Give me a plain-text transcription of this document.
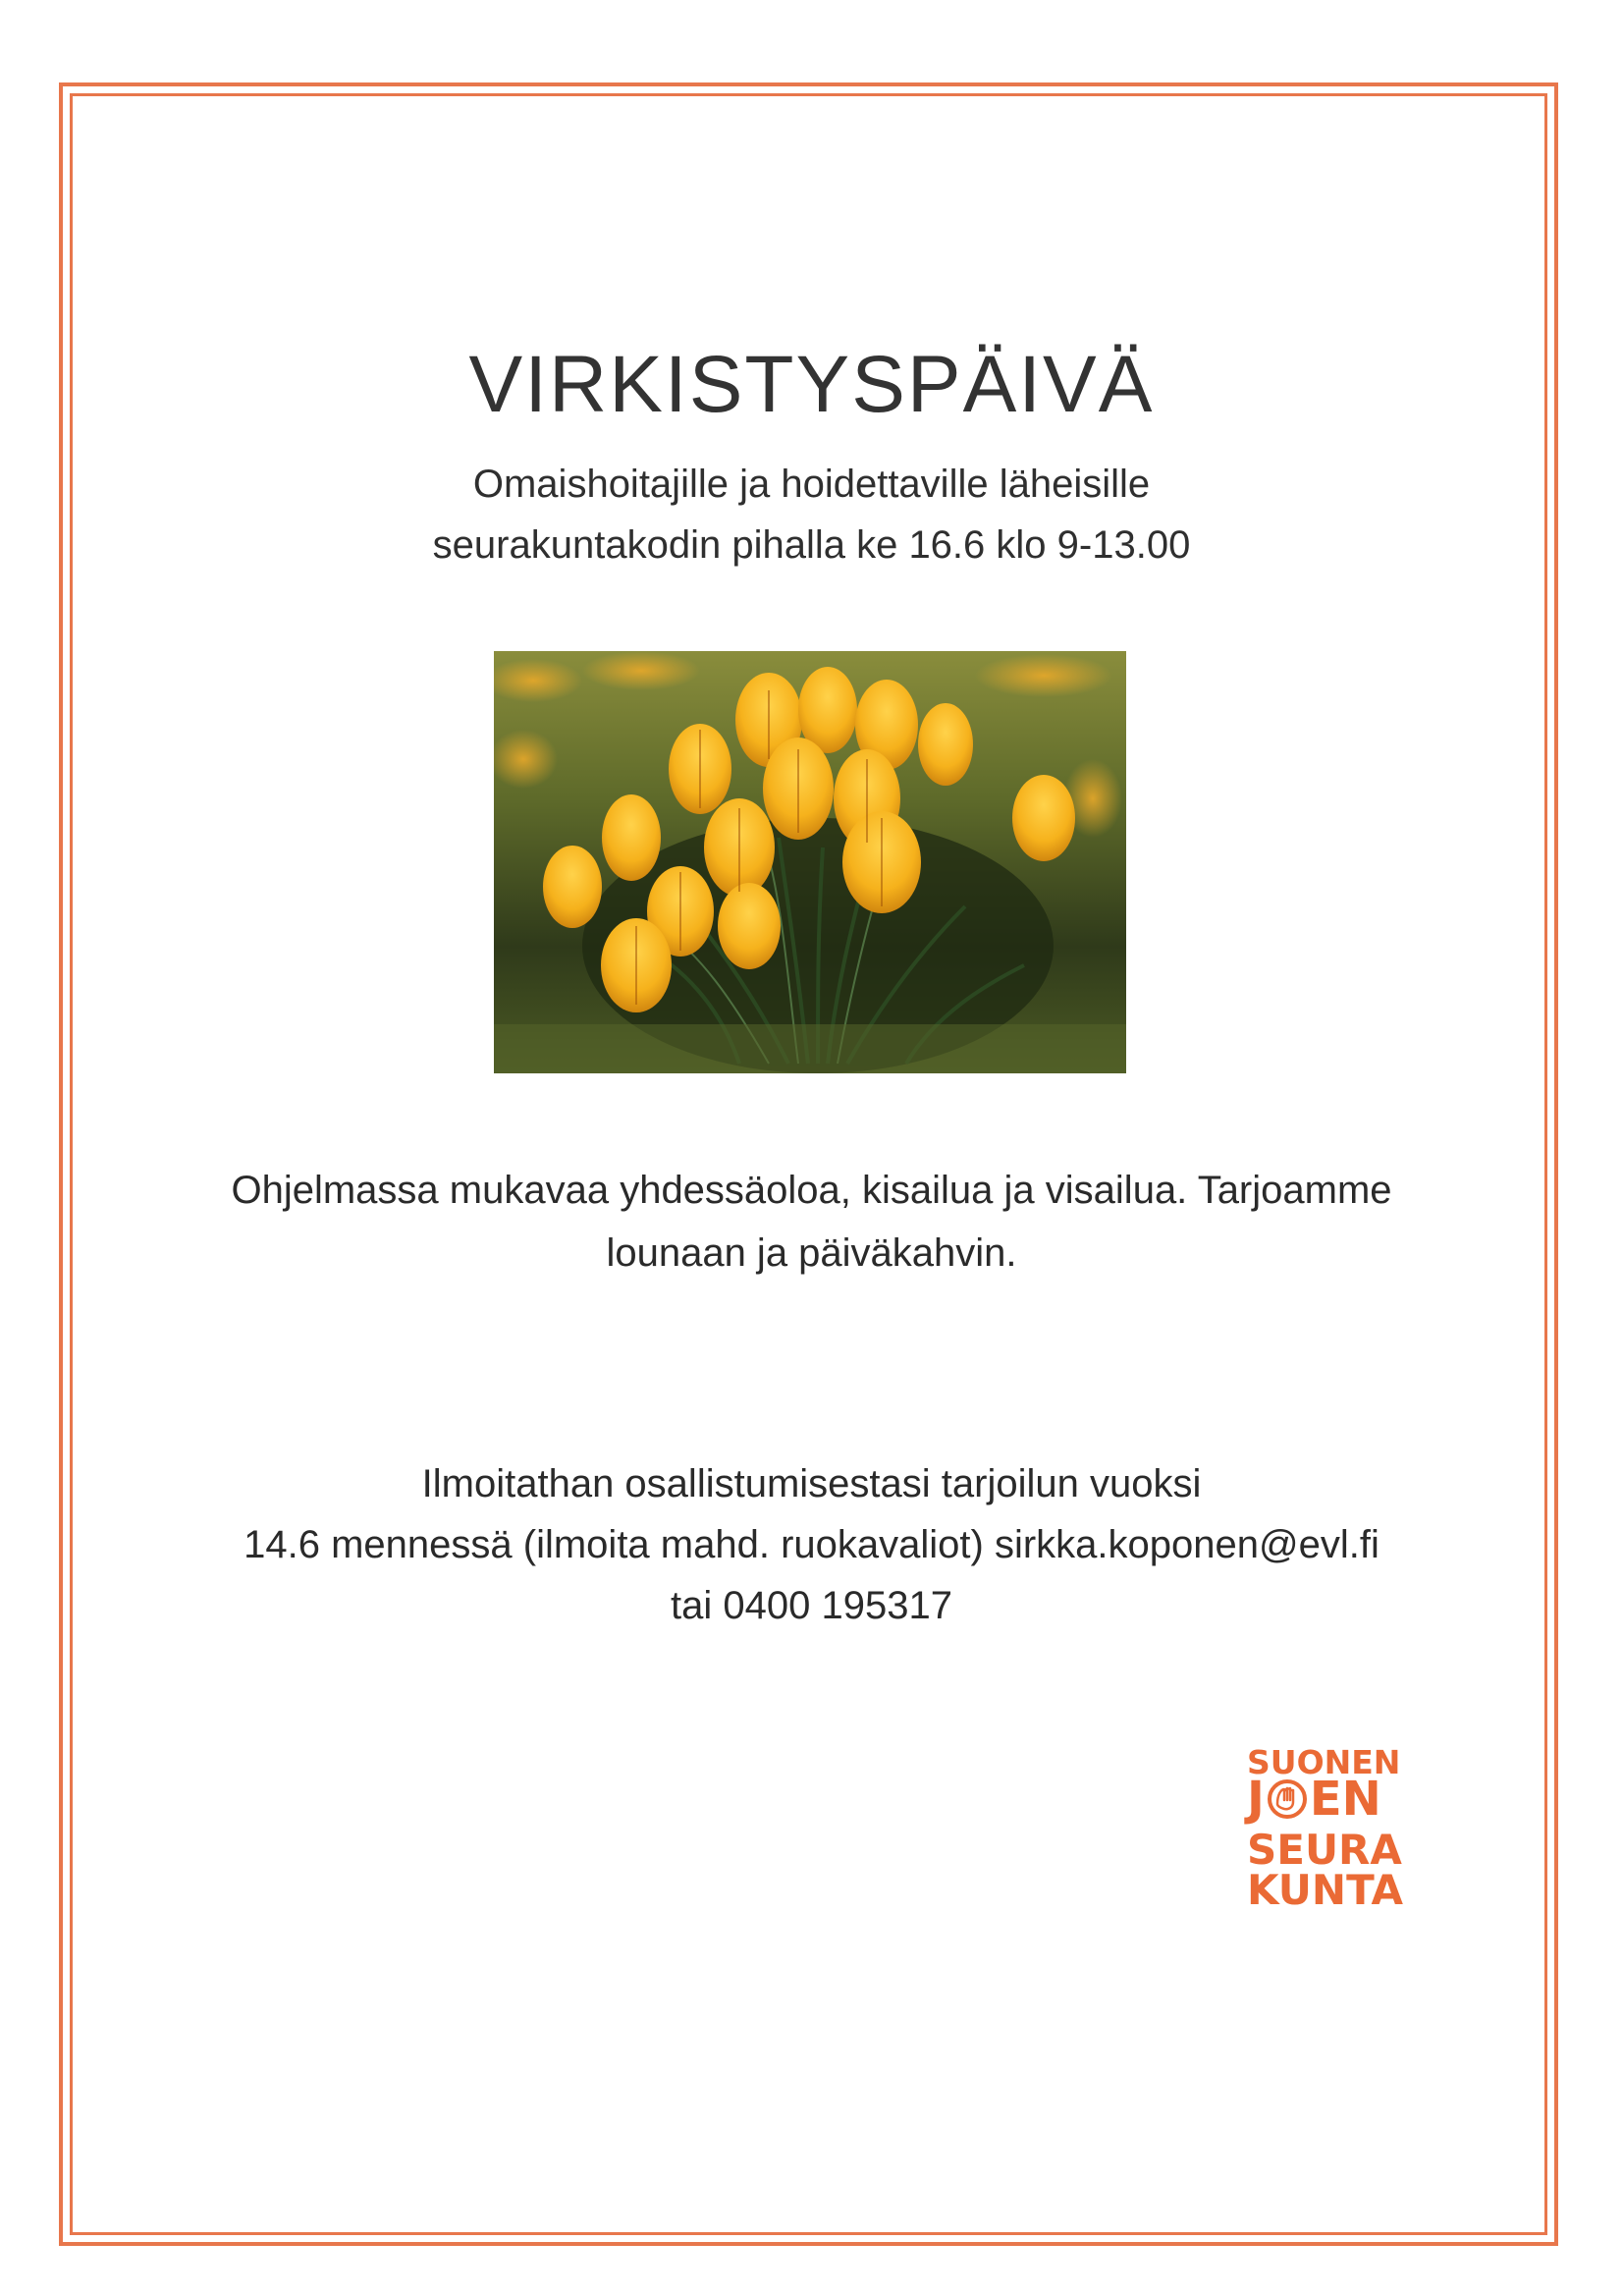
VIRKISTYSPÄIVÄ
Omaishoitajille ja hoidettaville läheisille
seurakuntakodin pihalla ke 16.6 klo 9-13.00
Ohjelmassa mukavaa yhdessäoloa, kisailua ja visailua. Tarjoamme
lounaan ja päiväkahvin.
Ilmoitathan osallistumisestasi tarjoilun vuoksi
14.6 mennessä (ilmoita mahd. ruokavaliot) sirkka.koponen@evl.fi
tai 0400 195317
SUONEN
J EN
SEURA
KUNTA
